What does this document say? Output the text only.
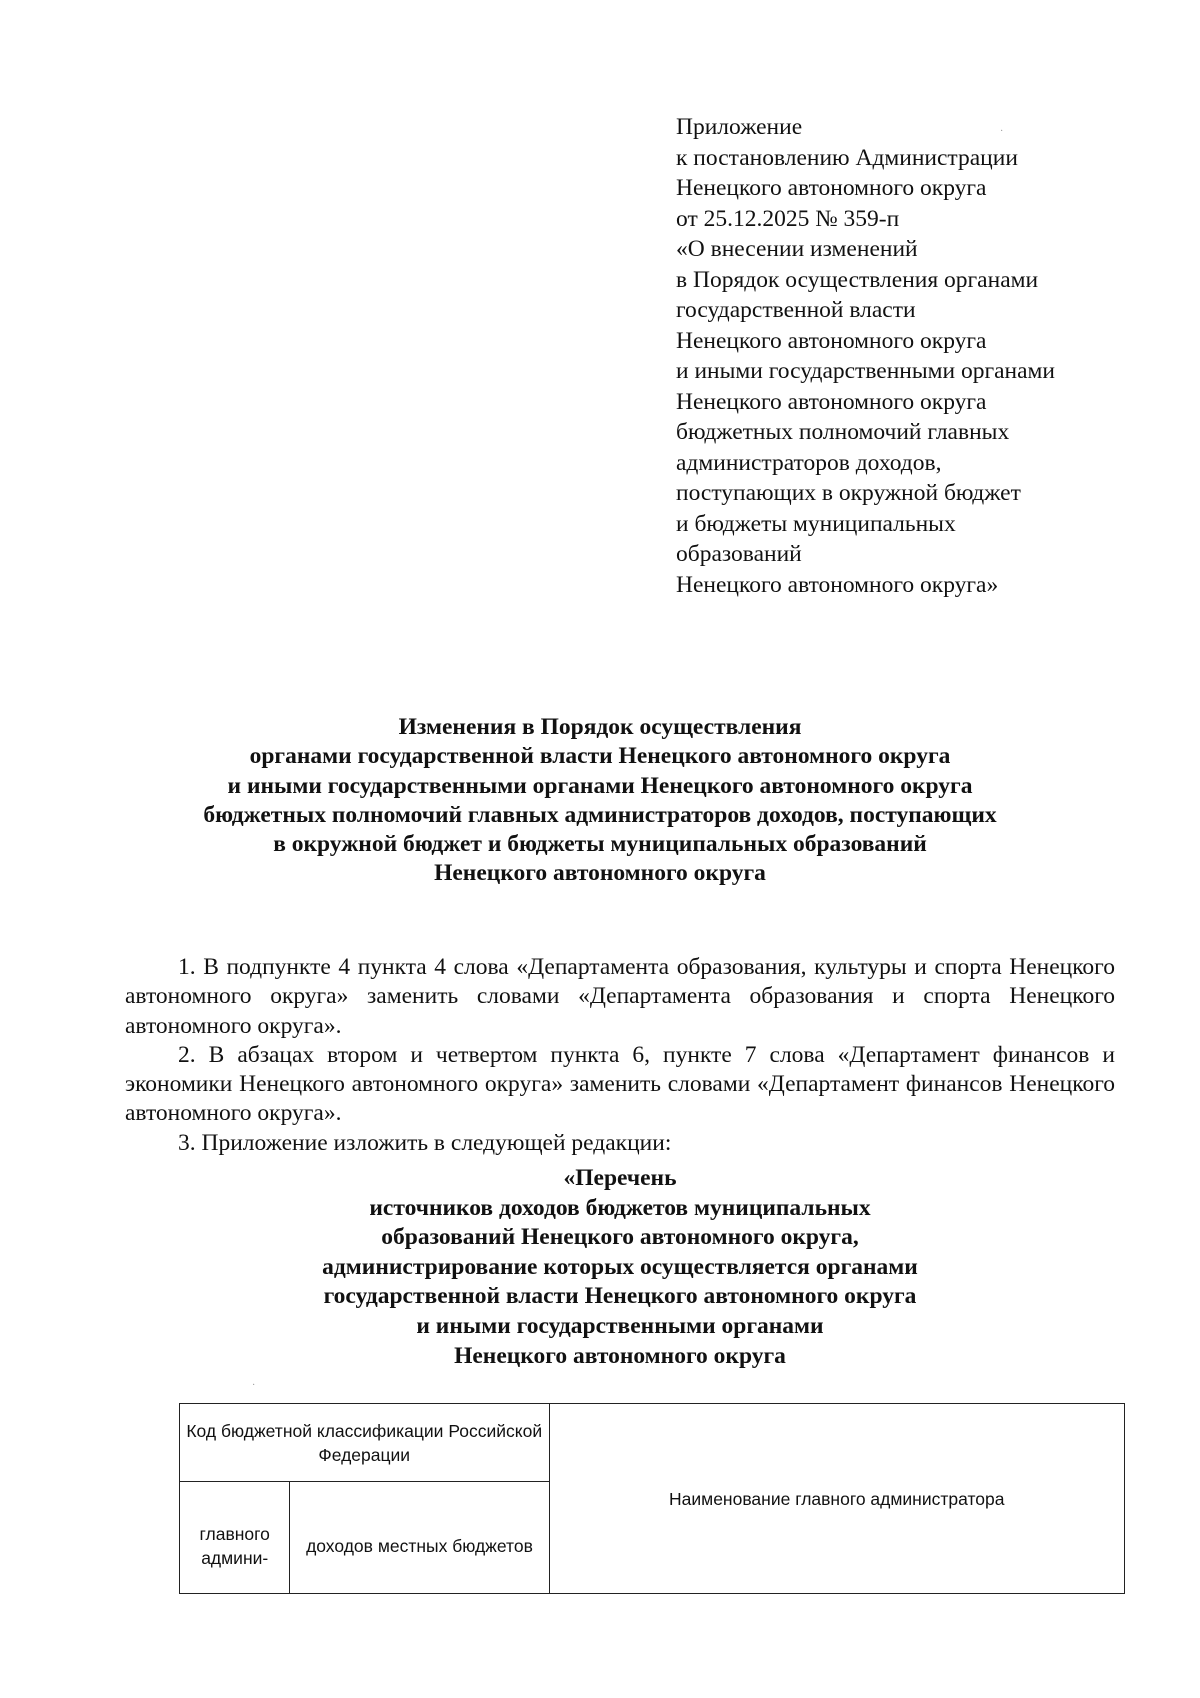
Приложение
к постановлению Администрации
Ненецкого автономного округа
от 25.12.2025 № 359-п
«О внесении изменений
в Порядок осуществления органами
государственной власти
Ненецкого автономного округа
и иными государственными органами
Ненецкого автономного округа
бюджетных полномочий главных
администраторов доходов,
поступающих в окружной бюджет
и бюджеты муниципальных
образований
Ненецкого автономного округа»
Изменения в Порядок осуществления
органами государственной власти Ненецкого автономного округа
и иными государственными органами Ненецкого автономного округа
бюджетных полномочий главных администраторов доходов, поступающих
в окружной бюджет и бюджеты муниципальных образований
Ненецкого автономного округа

1. В подпункте 4 пункта 4 слова «Департамента образования, культуры и спорта Ненецкого автономного округа» заменить словами «Департамента образования и спорта Ненецкого автономного округа».

2. В абзацах втором и четвертом пункта 6, пункте 7 слова «Департамент финансов и экономики Ненецкого автономного округа» заменить словами «Департамент финансов Ненецкого автономного округа».

3. Приложение изложить в следующей редакции:

«Перечень
источников доходов бюджетов муниципальных
образований Ненецкого автономного округа,
администрирование которых осуществляется органами
государственной власти Ненецкого автономного округа
и иными государственными органами
Ненецкого автономного округа
Код бюджетной классификации Российской Федерации		Наименование главного администратора
главного админи-	доходов местных бюджетов	
·
·
